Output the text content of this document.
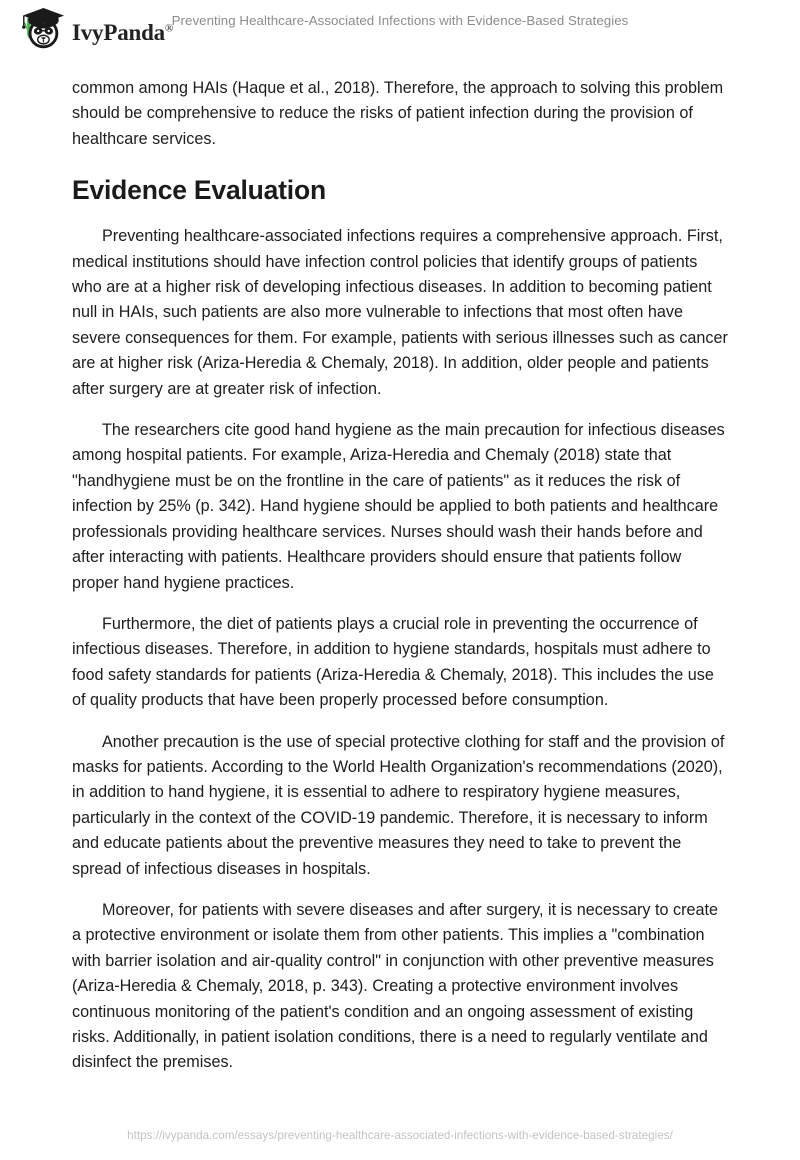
IvyPanda®
Preventing Healthcare-Associated Infections with Evidence-Based Strategies

common among HAIs (Haque et al., 2018). Therefore, the approach to solving this problem should be comprehensive to reduce the risks of patient infection during the provision of healthcare services.

Evidence Evaluation

Preventing healthcare-associated infections requires a comprehensive approach. First, medical institutions should have infection control policies that identify groups of patients who are at a higher risk of developing infectious diseases. In addition to becoming patient null in HAIs, such patients are also more vulnerable to infections that most often have severe consequences for them. For example, patients with serious illnesses such as cancer are at higher risk (Ariza-Heredia & Chemaly, 2018). In addition, older people and patients after surgery are at greater risk of infection.

The researchers cite good hand hygiene as the main precaution for infectious diseases among hospital patients. For example, Ariza-Heredia and Chemaly (2018) state that "handhygiene must be on the frontline in the care of patients" as it reduces the risk of infection by 25% (p. 342). Hand hygiene should be applied to both patients and healthcare professionals providing healthcare services. Nurses should wash their hands before and after interacting with patients. Healthcare providers should ensure that patients follow proper hand hygiene practices.

Furthermore, the diet of patients plays a crucial role in preventing the occurrence of infectious diseases. Therefore, in addition to hygiene standards, hospitals must adhere to food safety standards for patients (Ariza-Heredia & Chemaly, 2018). This includes the use of quality products that have been properly processed before consumption.

Another precaution is the use of special protective clothing for staff and the provision of masks for patients. According to the World Health Organization's recommendations (2020), in addition to hand hygiene, it is essential to adhere to respiratory hygiene measures, particularly in the context of the COVID-19 pandemic. Therefore, it is necessary to inform and educate patients about the preventive measures they need to take to prevent the spread of infectious diseases in hospitals.

Moreover, for patients with severe diseases and after surgery, it is necessary to create a protective environment or isolate them from other patients. This implies a "combination with barrier isolation and air-quality control" in conjunction with other preventive measures (Ariza-Heredia & Chemaly, 2018, p. 343). Creating a protective environment involves continuous monitoring of the patient's condition and an ongoing assessment of existing risks. Additionally, in patient isolation conditions, there is a need to regularly ventilate and disinfect the premises.

https://ivypanda.com/essays/preventing-healthcare-associated-infections-with-evidence-based-strategies/
